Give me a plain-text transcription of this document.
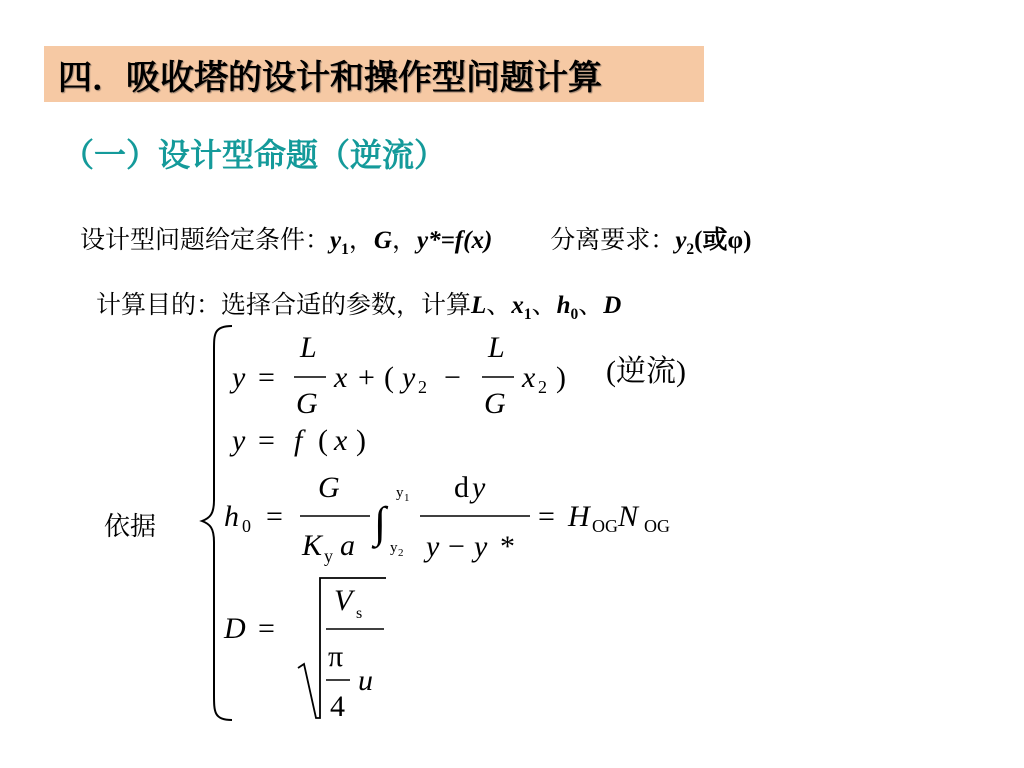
四．吸收塔的设计和操作型问题计算
（一）设计型命题（逆流）
设计型问题给定条件：$y_1$，G，y*=f(x) 分离要求：$y_2$(或φ)
计算目的：选择合适的参数，计算L、$x_1$、$h_0$、D
依据
y =
L
G
x + ( y 2 −
L
G
x 2 ) (逆流)
y = f ( x )
h 0 =
G
K y a ∫
y 1
y 2
d y
y − y *
= H OG N OG
D =
V s
π
4
u
